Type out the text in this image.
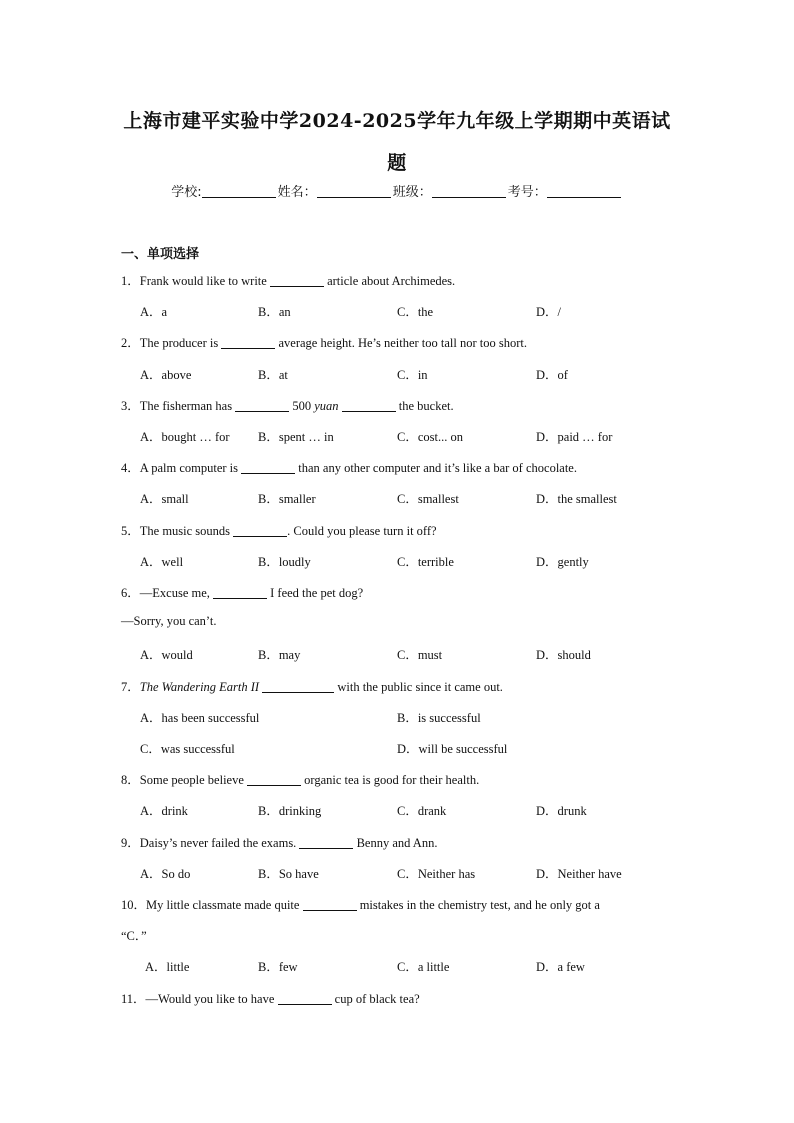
上海市建平实验中学2024-2025学年九年级上学期期中英语试
题
学校:	姓名：	班级：	考号：
一、单项选择
1．Frank would like to write	article about Archimedes.
A．a	B．an	C．the	D．/
2．The producer is	average height. He’s neither too tall nor too short.
A．above	B．at	C．in	D．of
3．The fisherman has	500 yuan	the bucket.
A．bought … for B．spent … in	C．cost... on	D．paid … for
4．A palm computer is	than any other computer and it’s like a bar of chocolate.
A．small	B．smaller	C．smallest	D．the smallest
5．The music sounds	. Could you please turn it off?
A．well	B．loudly	C．terrible	D．gently
6．—Excuse me,	I feed the pet dog?
—Sorry, you can’t.
A．would	B．may	C．must	D．should
7．The Wandering Earth II	with the public since it came out.
A．has been successful	B．is successful
C．was successful	D．will be successful
8．Some people believe	organic tea is good for their health.
A．drink	B．drinking	C．drank	D．drunk
9．Daisy’s never failed the exams.	Benny and Ann.
A．So do	B．So have	C．Neither has	D．Neither have
10．My little classmate made quite	mistakes in the chemistry test, and he only got a
“C．”
A．little	B．few	C．a little	D．a few
11．—Would you like to have	cup of black tea?
